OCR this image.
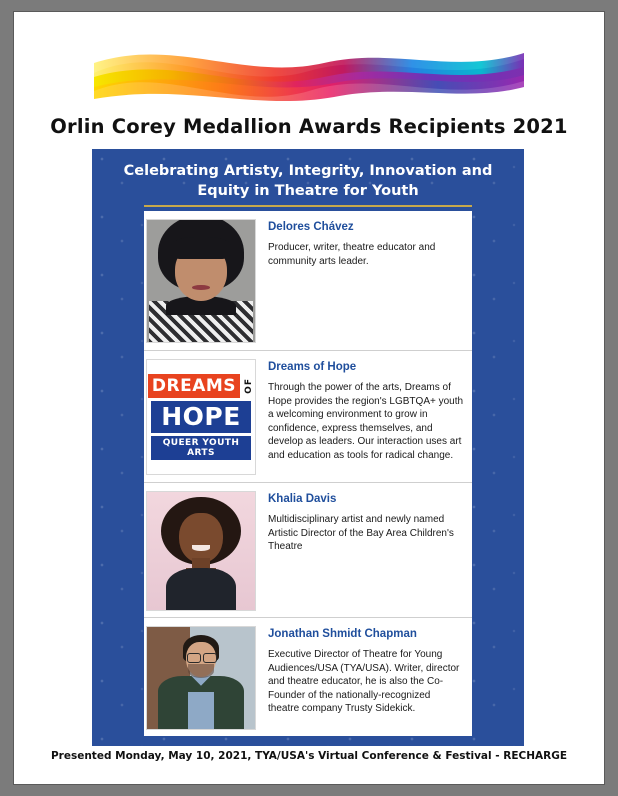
Orlin Corey Medallion Awards Recipients 2021
Celebrating Artisty, Integrity, Innovation and
Equity in Theatre for Youth
Delores Chávez
Producer, writer, theatre educator and community arts leader.
DREAMS OF
HOPE
QUEER YOUTH ARTS
Dreams of Hope
Through the power of the arts, Dreams of Hope provides the region's LGBTQA+ youth a welcoming environment to grow in confidence, express themselves, and develop as leaders. Our interaction uses art and education as tools for radical change.
Khalia Davis
Multidisciplinary artist and newly named Artistic Director of the Bay Area Children's Theatre
Jonathan Shmidt Chapman
Executive Director of Theatre for Young Audiences/USA (TYA/USA). Writer, director and theatre educator, he is also the Co-Founder of the nationally-recognized theatre company Trusty Sidekick.
Presented Monday, May 10, 2021, TYA/USA's Virtual Conference & Festival - RECHARGE
